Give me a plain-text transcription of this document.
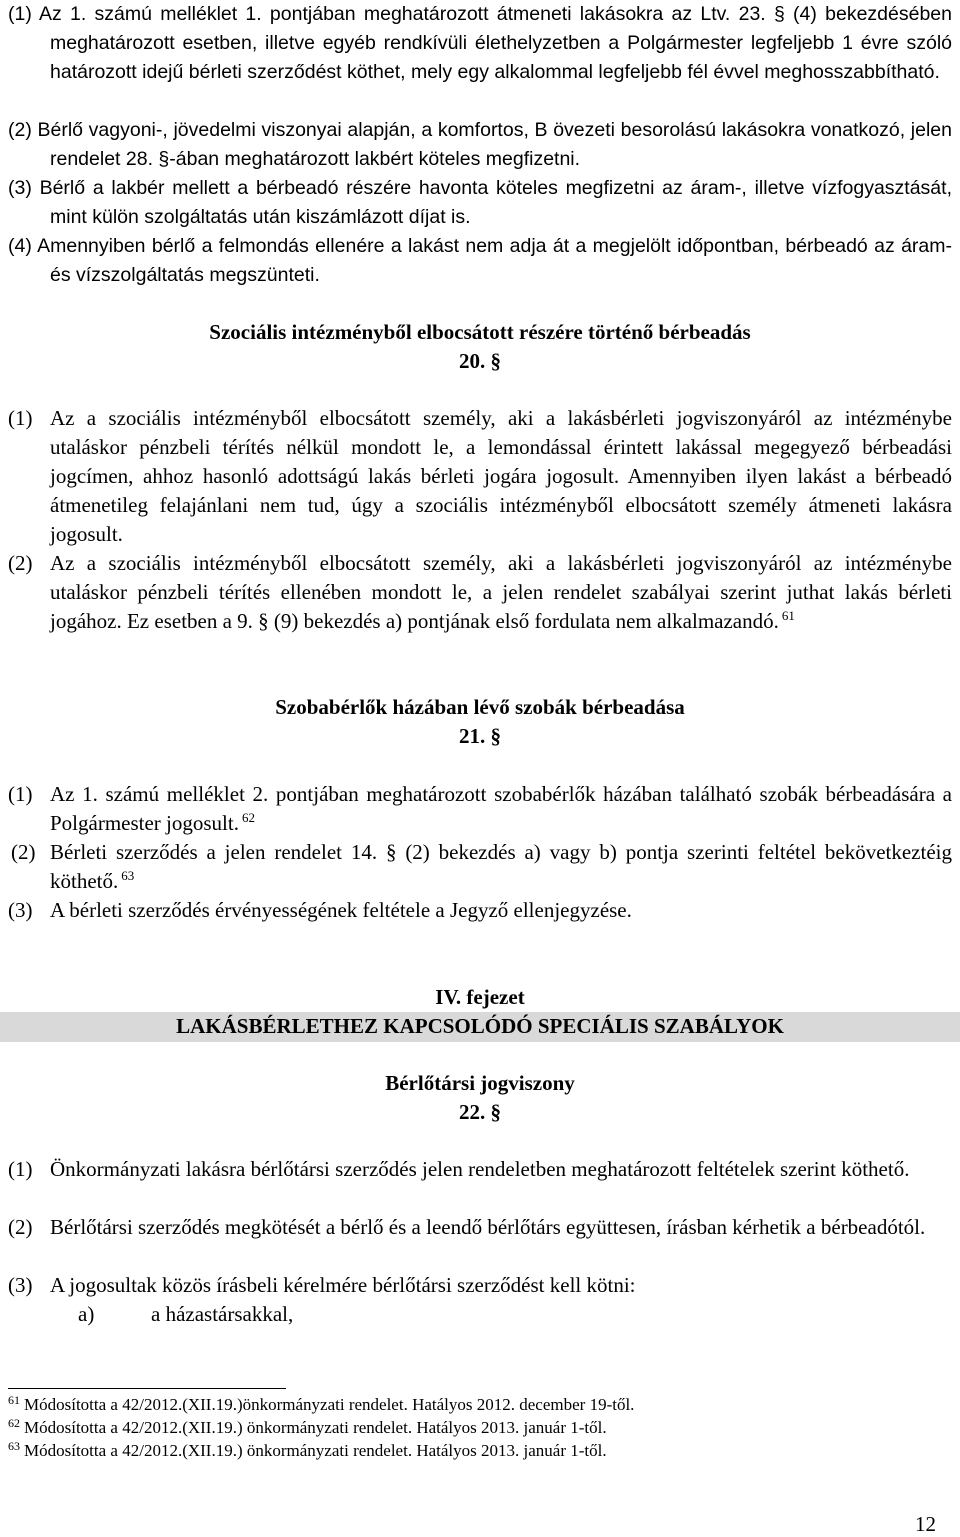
(1) Az 1. számú melléklet 1. pontjában meghatározott átmeneti lakásokra az Ltv. 23. § (4) bekezdésében meghatározott esetben, illetve egyéb rendkívüli élethelyzetben a Polgármester legfeljebb 1 évre szóló határozott idejű bérleti szerződést köthet, mely egy alkalommal legfeljebb fél évvel meghosszabbítható.

(2) Bérlő vagyoni-, jövedelmi viszonyai alapján, a komfortos, B övezeti besorolású lakásokra vonatkozó, jelen rendelet 28. §-ában meghatározott lakbért köteles megfizetni.

(3) Bérlő a lakbér mellett a bérbeadó részére havonta köteles megfizetni az áram-, illetve vízfogyasztását, mint külön szolgáltatás után kiszámlázott díjat is.

(4) Amennyiben bérlő a felmondás ellenére a lakást nem adja át a megjelölt időpontban, bérbeadó az áram- és vízszolgáltatás megszünteti.

Szociális intézményből elbocsátott részére történő bérbeadás
20. §
(1) Az a szociális intézményből elbocsátott személy, aki a lakásbérleti jogviszonyáról az intézménybe utaláskor pénzbeli térítés nélkül mondott le, a lemondással érintett lakással megegyező bérbeadási jogcímen, ahhoz hasonló adottságú lakás bérleti jogára jogosult. Amennyiben ilyen lakást a bérbeadó átmenetileg felajánlani nem tud, úgy a szociális intézményből elbocsátott személy átmeneti lakásra jogosult.
(2) Az a szociális intézményből elbocsátott személy, aki a lakásbérleti jogviszonyáról az intézménybe utaláskor pénzbeli térítés ellenében mondott le, a jelen rendelet szabályai szerint juthat lakás bérleti jogához. Ez esetben a 9. § (9) bekezdés a) pontjának első fordulata nem alkalmazandó. $^{61}$
Szobabérlők házában lévő szobák bérbeadása
21. §
(1) Az 1. számú melléklet 2. pontjában meghatározott szobabérlők házában található szobák bérbeadására a Polgármester jogosult. $^{62}$
(2) Bérleti szerződés a jelen rendelet 14. § (2) bekezdés a) vagy b) pontja szerinti feltétel bekövetkeztéig köthető. $^{63}$
(3) A bérleti szerződés érvényességének feltétele a Jegyző ellenjegyzése.
IV. fejezet
LAKÁSBÉRLETHEZ KAPCSOLÓDÓ SPECIÁLIS SZABÁLYOK
Bérlőtársi jogviszony
22. §
(1) Önkormányzati lakásra bérlőtársi szerződés jelen rendeletben meghatározott feltételek szerint köthető.
(2) Bérlőtársi szerződés megkötését a bérlő és a leendő bérlőtárs együttesen, írásban kérhetik a bérbeadótól.
(3) A jogosultak közös írásbeli kérelmére bérlőtársi szerződést kell kötni:
a)	a házastársakkal,
$^{61}$ Módosította a 42/2012.(XII.19.)önkormányzati rendelet. Hatályos 2012. december 19-től.
$^{62}$ Módosította a 42/2012.(XII.19.) önkormányzati rendelet. Hatályos 2013. január 1-től.
$^{63}$ Módosította a 42/2012.(XII.19.) önkormányzati rendelet. Hatályos 2013. január 1-től.
12
